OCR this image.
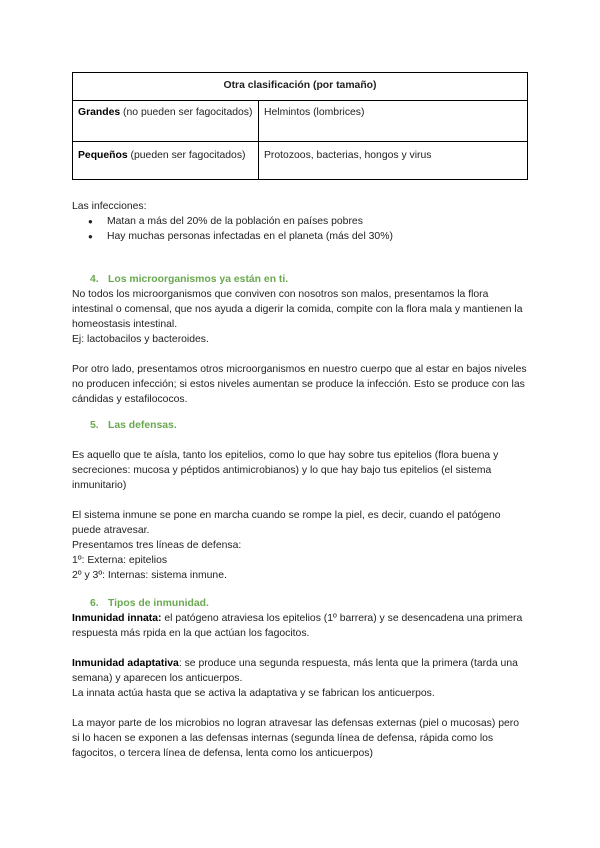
Otra clasificación (por tamaño)	
Grandes (no pueden ser fagocitados)	Helmintos (lombrices)
Pequeños (pueden ser fagocitados)	Protozoos, bacterias, hongos y virus

Las infecciones:

● Matan a más del 20% de la población en países pobres
● Hay muchas personas infectadas en el planeta (más del 30%)
4. Los microorganismos ya están en ti.

No todos los microorganismos que conviven con nosotros son malos, presentamos la flora intestinal o comensal, que nos ayuda a digerir la comida, compite con la flora mala y mantienen la homeostasis intestinal.

Ej: lactobacilos y bacteroides.

Por otro lado, presentamos otros microorganismos en nuestro cuerpo que al estar en bajos niveles no producen infección; si estos niveles aumentan se produce la infección. Esto se produce con las cándidas y estafilococos.

5. Las defensas.

Es aquello que te aísla, tanto los epitelios, como lo que hay sobre tus epitelios (flora buena y secreciones: mucosa y péptidos antimicrobianos) y lo que hay bajo tus epitelios (el sistema inmunitario)

El sistema inmune se pone en marcha cuando se rompe la piel, es decir, cuando el patógeno puede atravesar.

Presentamos tres líneas de defensa:

1º: Externa: epitelios

2º y 3º: Internas: sistema inmune.

6. Tipos de inmunidad.

Inmunidad innata: el patógeno atraviesa los epitelios (1º barrera) y se desencadena una primera respuesta más rpida en la que actúan los fagocitos.

Inmunidad adaptativa: se produce una segunda respuesta, más lenta que la primera (tarda una semana) y aparecen los anticuerpos.

La innata actúa hasta que se activa la adaptativa y se fabrican los anticuerpos.

La mayor parte de los microbios no logran atravesar las defensas externas (piel o mucosas) pero si lo hacen se exponen a las defensas internas (segunda línea de defensa, rápida como los fagocitos, o tercera línea de defensa, lenta como los anticuerpos)
